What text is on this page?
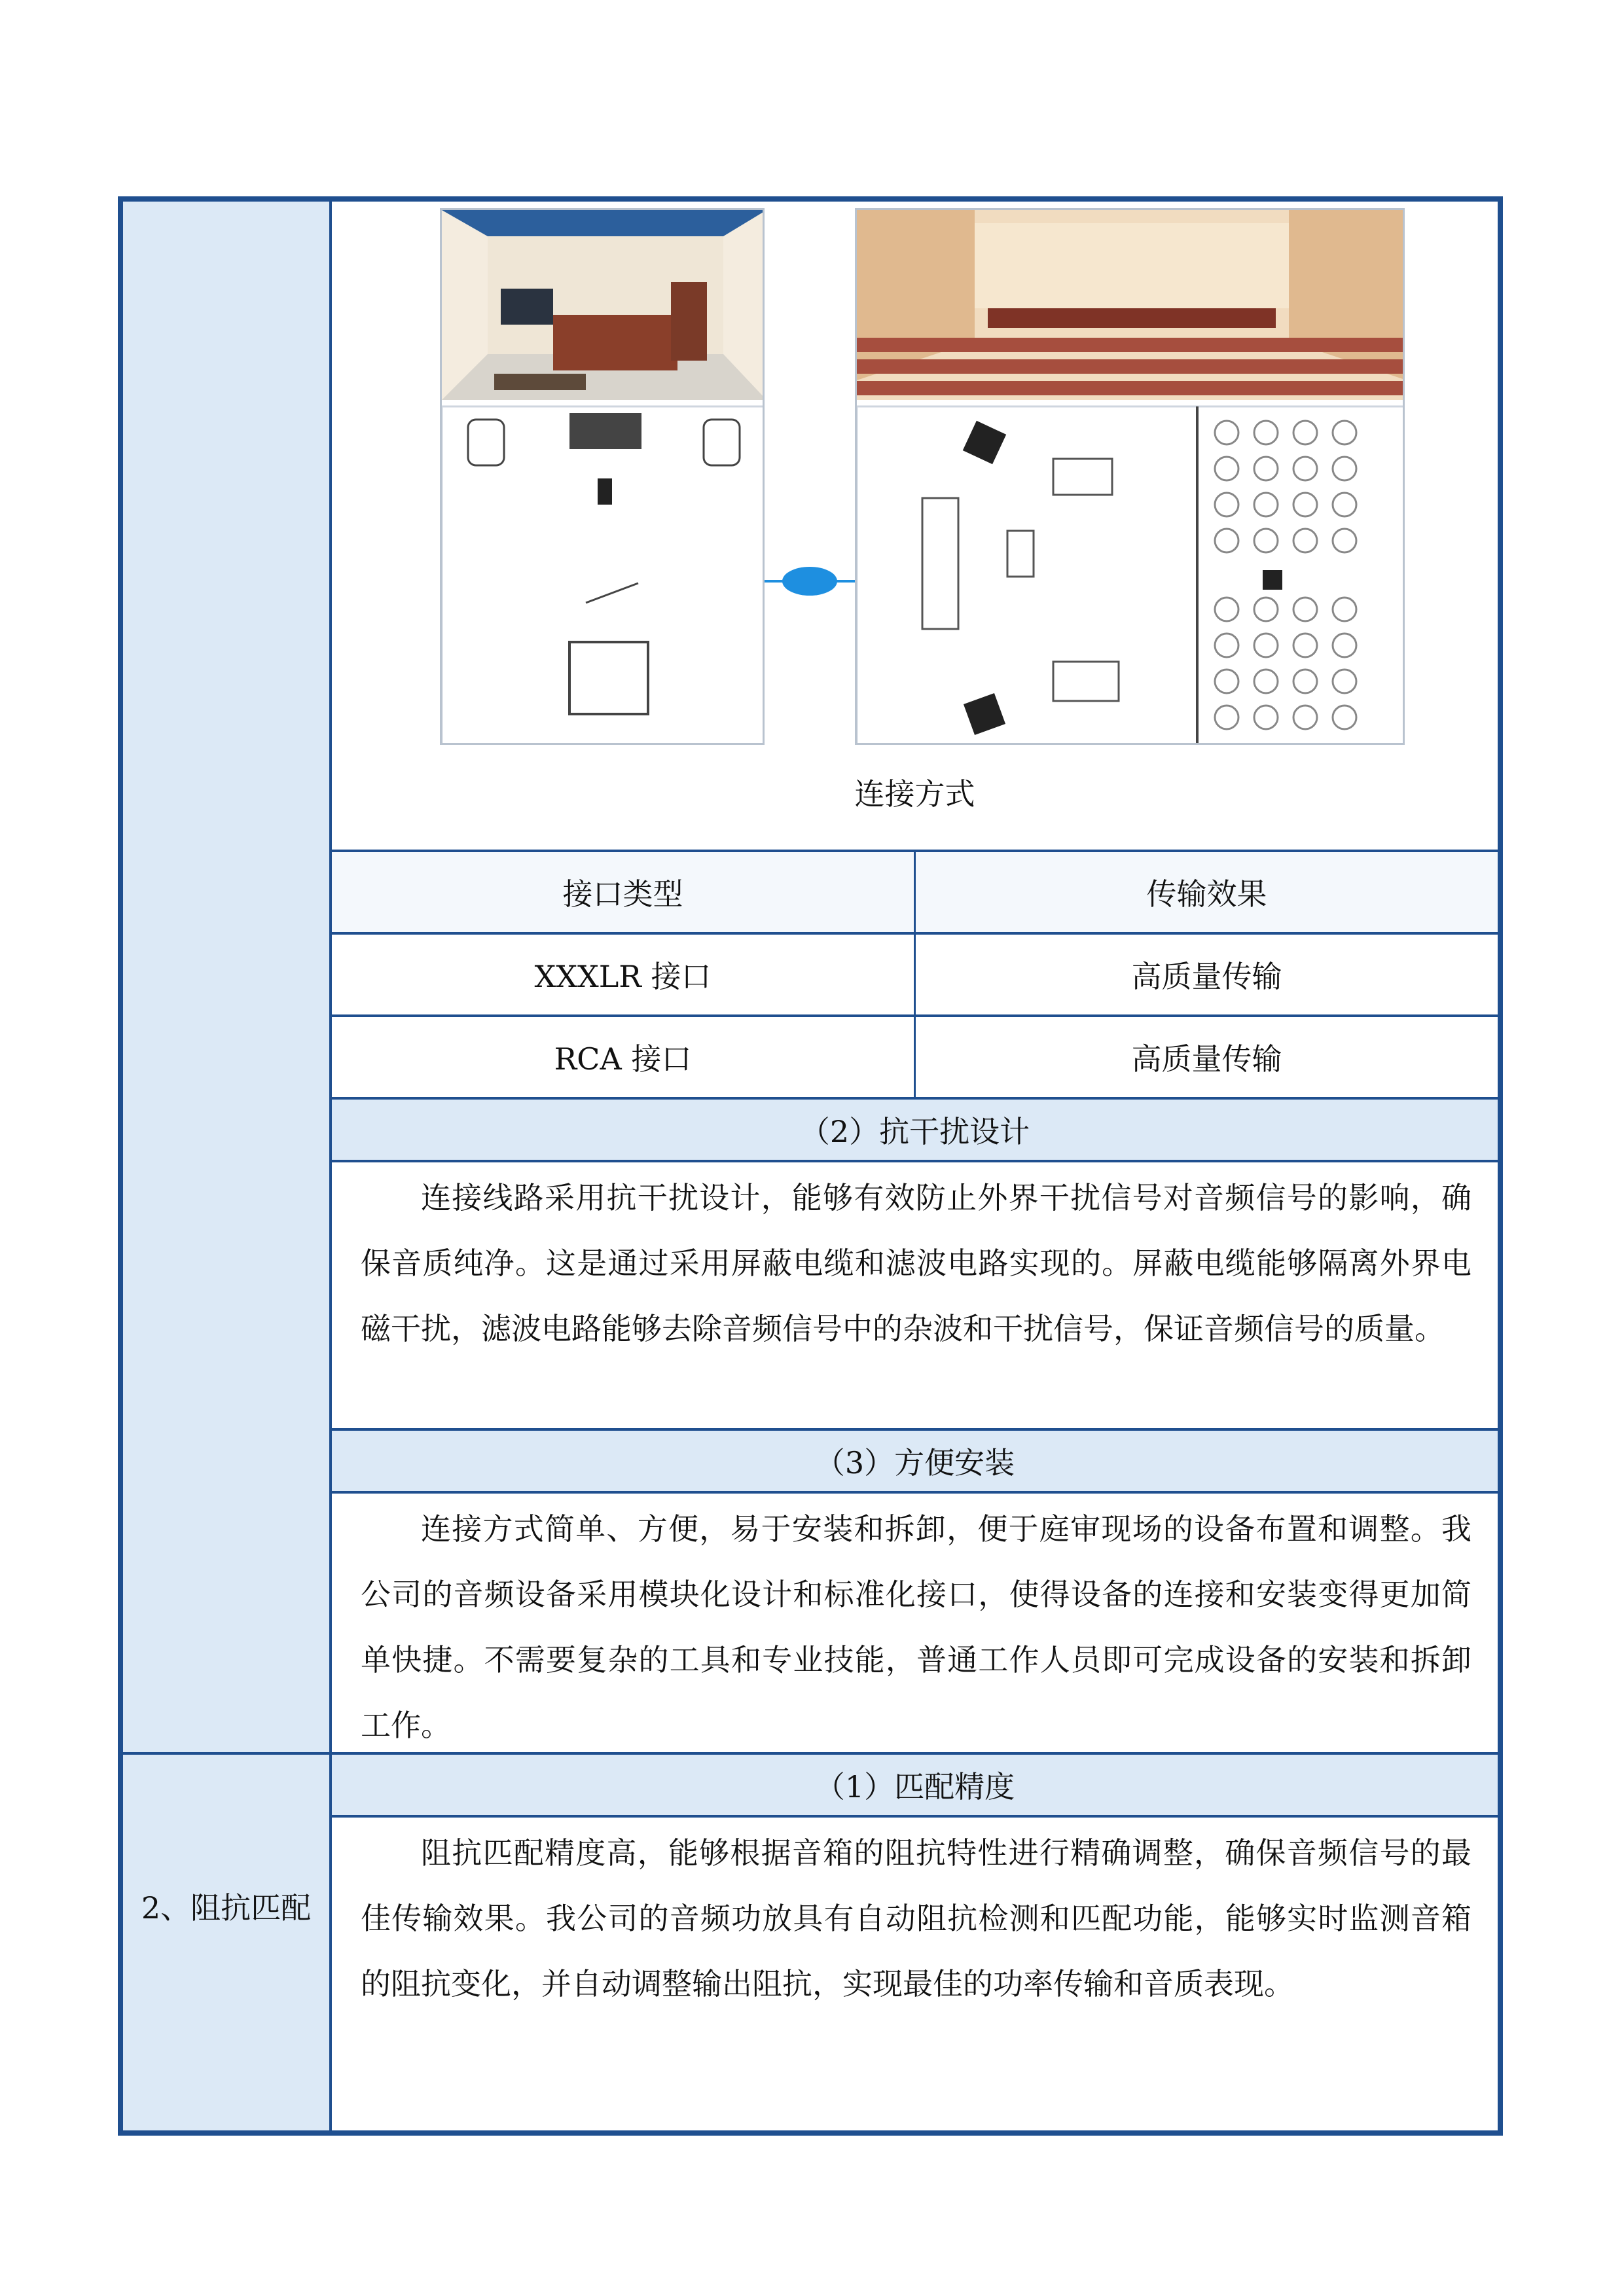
2、阻抗匹配
连接方式
接口类型	传输效果
XXXLR 接口	高质量传输
RCA 接口	高质量传输
（2）抗干扰设计
连接线路采用抗干扰设计，能够有效防止外界干扰信号对音频信号的影响，确保音质纯净。这是通过采用屏蔽电缆和滤波电路实现的。屏蔽电缆能够隔离外界电磁干扰，滤波电路能够去除音频信号中的杂波和干扰信号，保证音频信号的质量。
（3）方便安装
连接方式简单、方便，易于安装和拆卸，便于庭审现场的设备布置和调整。我公司的音频设备采用模块化设计和标准化接口，使得设备的连接和安装变得更加简单快捷。不需要复杂的工具和专业技能，普通工作人员即可完成设备的安装和拆卸工作。
（1）匹配精度
阻抗匹配精度高，能够根据音箱的阻抗特性进行精确调整，确保音频信号的最佳传输效果。我公司的音频功放具有自动阻抗检测和匹配功能，能够实时监测音箱的阻抗变化，并自动调整输出阻抗，实现最佳的功率传输和音质表现。
